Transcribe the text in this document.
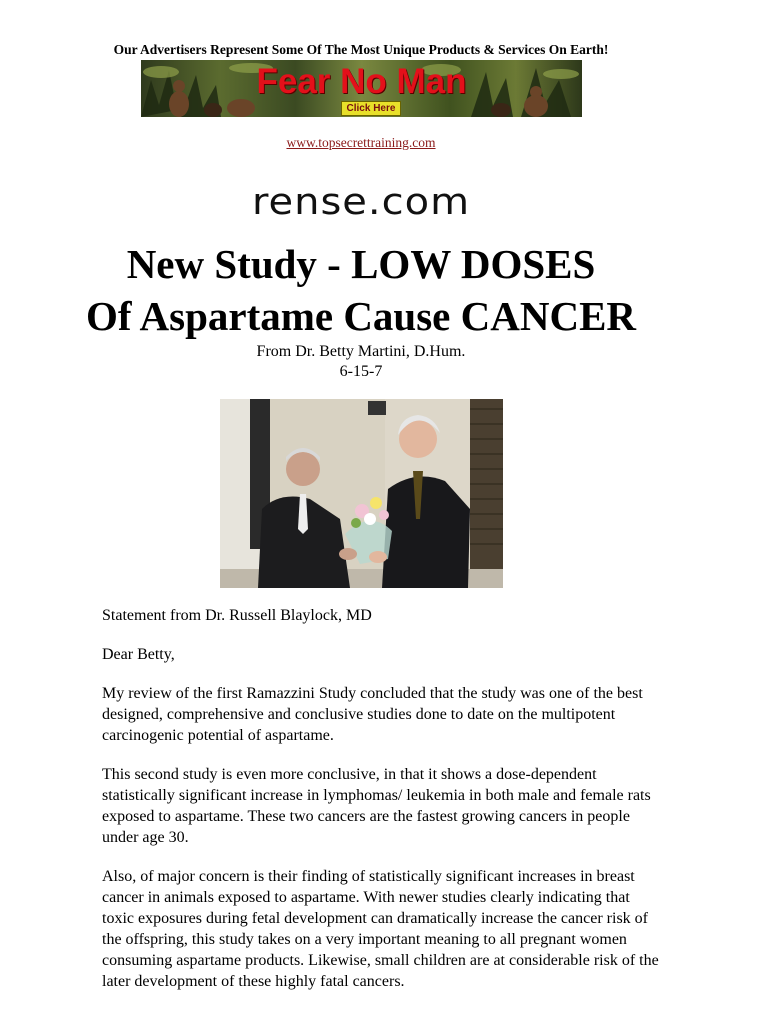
Our Advertisers Represent Some Of The Most Unique Products & Services On Earth!
Fear No Man
Click Here
www.topsecrettraining.com
rense.com
New Study - LOW DOSES
Of Aspartame Cause CANCER
From Dr. Betty Martini, D.Hum.
6-15-7

Statement from Dr. Russell Blaylock, MD

Dear Betty,

My review of the first Ramazzini Study concluded that the study was one of the best designed, comprehensive and conclusive studies done to date on the multipotent carcinogenic potential of aspartame.

This second study is even more conclusive, in that it shows a dose-dependent statistically significant increase in lymphomas/ leukemia in both male and female rats exposed to aspartame. These two cancers are the fastest growing cancers in people under age 30.

Also, of major concern is their finding of statistically significant increases in breast cancer in animals exposed to aspartame. With newer studies clearly indicating that toxic exposures during fetal development can dramatically increase the cancer risk of the offspring, this study takes on a very important meaning to all pregnant women consuming aspartame products. Likewise, small children are at considerable risk of the later development of these highly fatal cancers.
